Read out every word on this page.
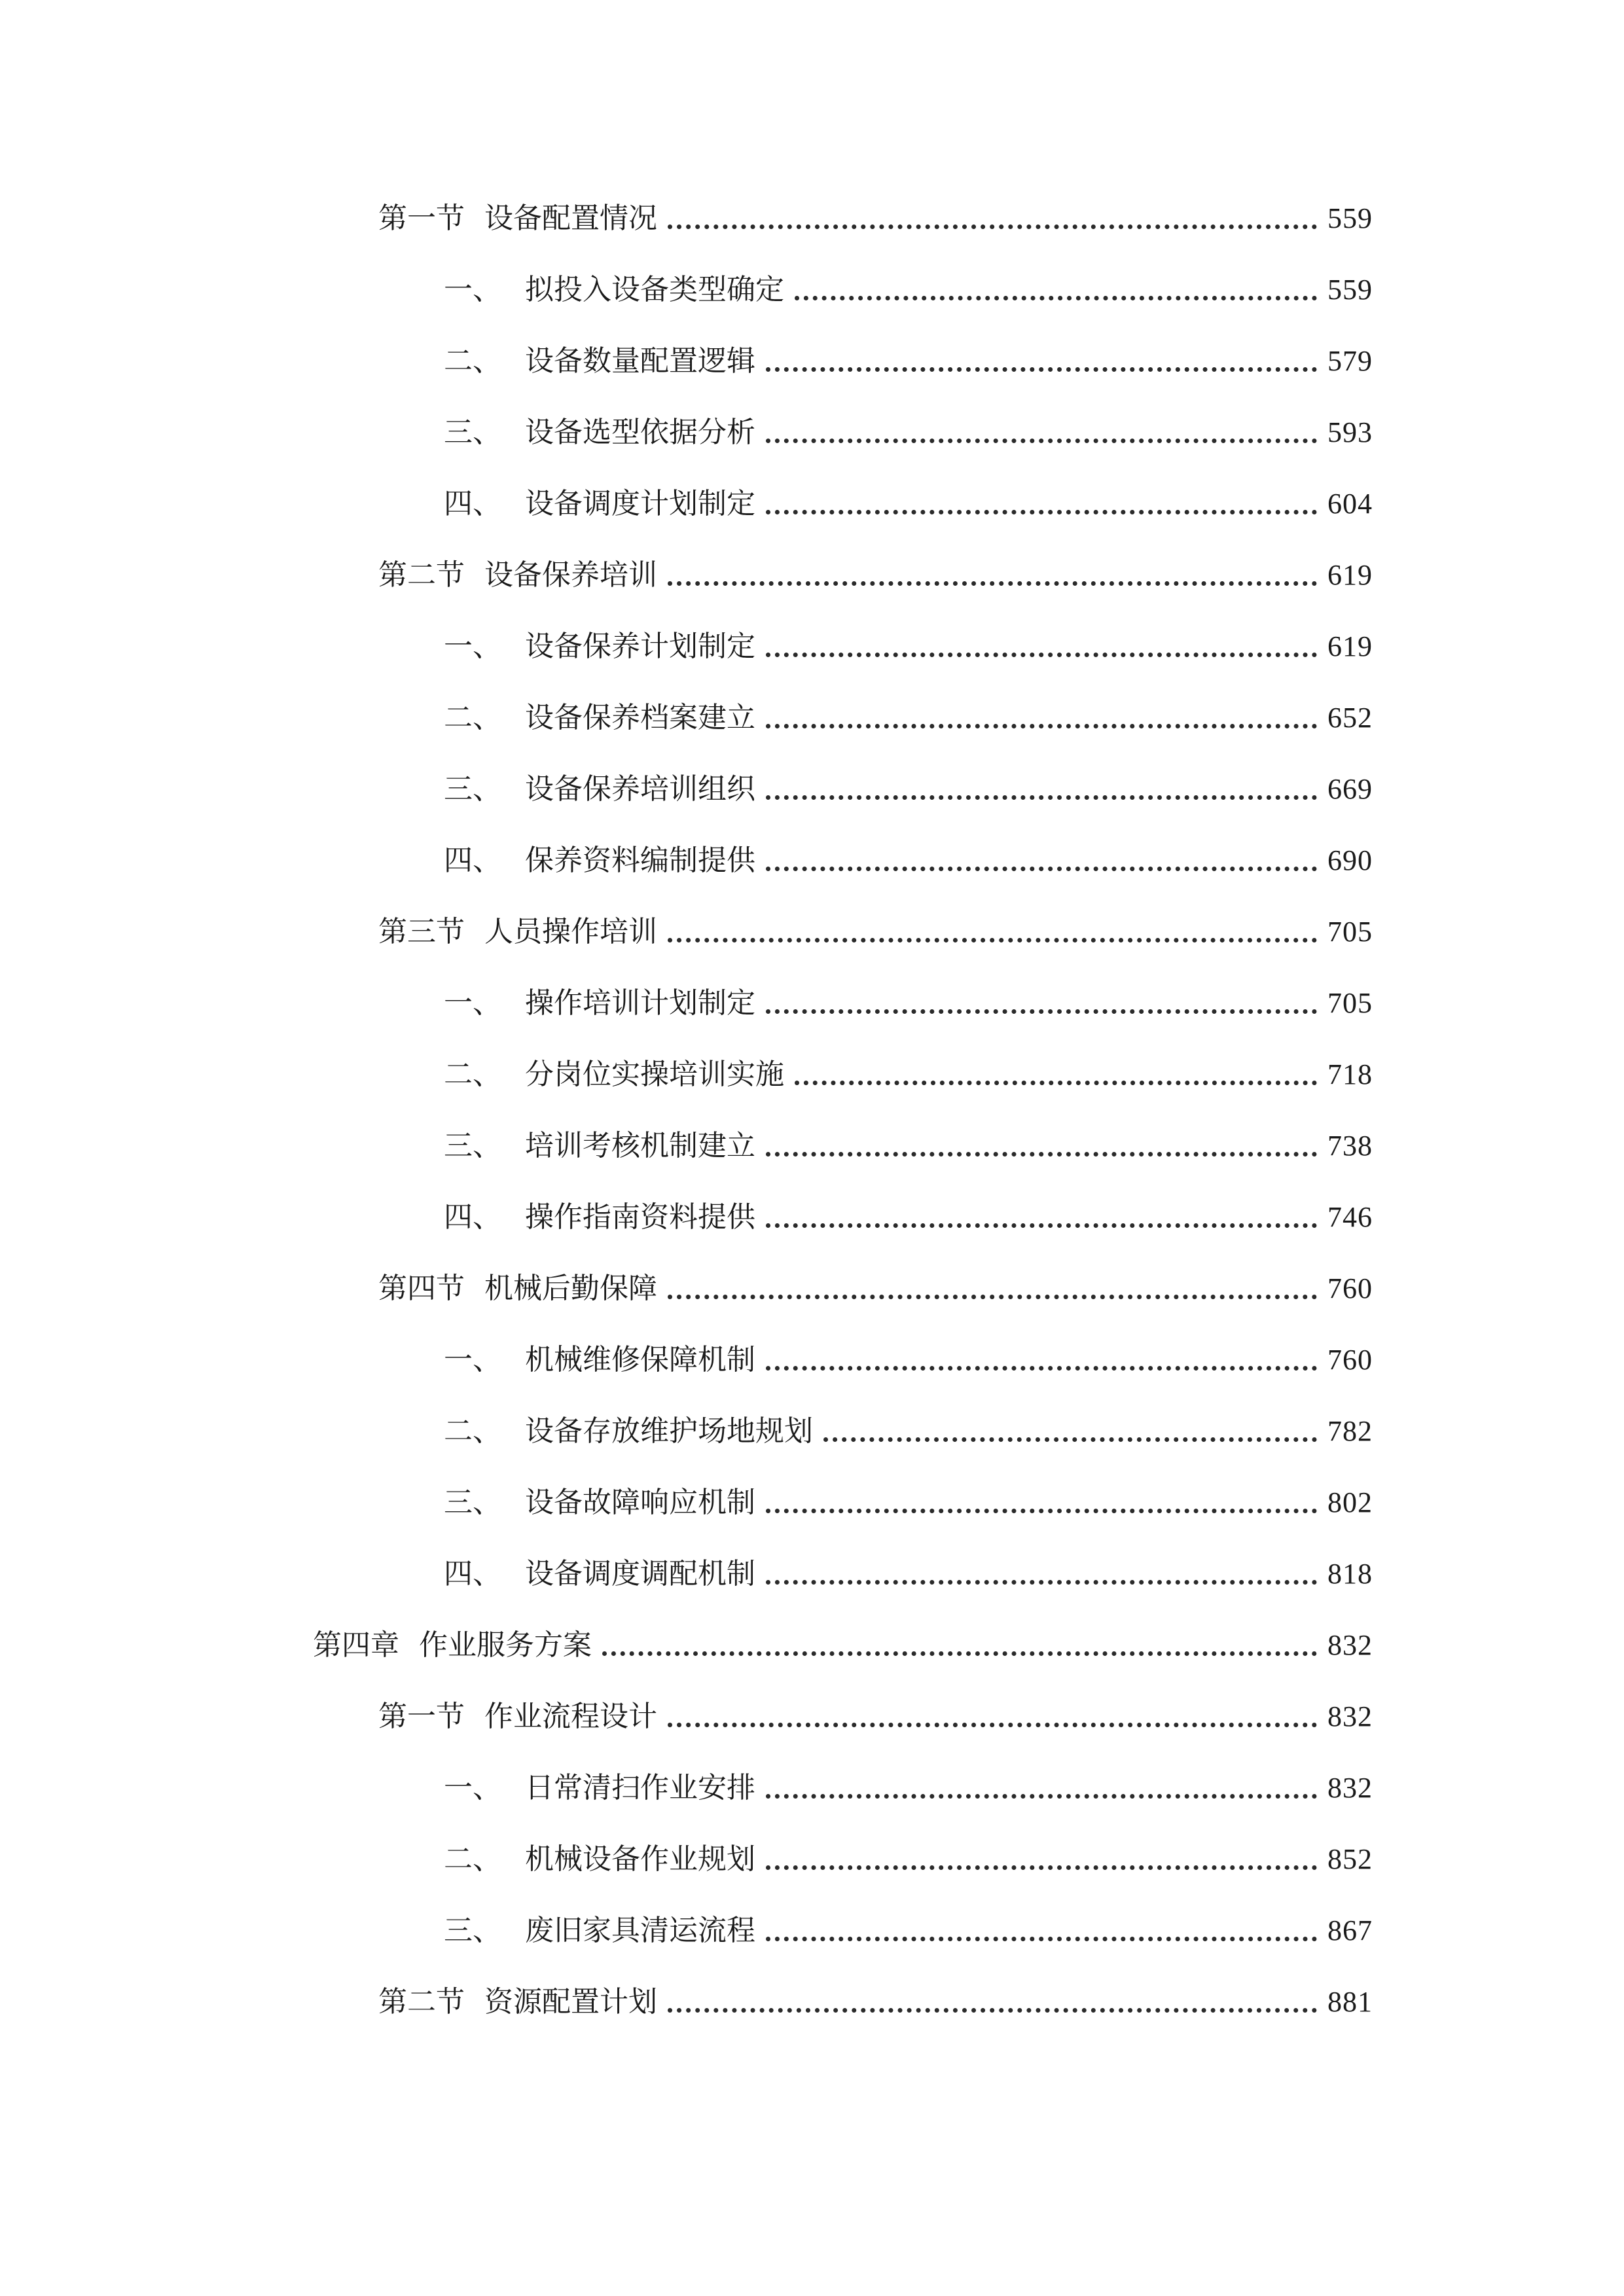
第一节 设备配置情况	559
一、 拟投入设备类型确定	559
二、 设备数量配置逻辑	579
三、 设备选型依据分析	593
四、 设备调度计划制定	604
第二节 设备保养培训	619
一、 设备保养计划制定	619
二、 设备保养档案建立	652
三、 设备保养培训组织	669
四、 保养资料编制提供	690
第三节 人员操作培训	705
一、 操作培训计划制定	705
二、 分岗位实操培训实施	718
三、 培训考核机制建立	738
四、 操作指南资料提供	746
第四节 机械后勤保障	760
一、 机械维修保障机制	760
二、 设备存放维护场地规划	782
三、 设备故障响应机制	802
四、 设备调度调配机制	818
第四章 作业服务方案	832
第一节 作业流程设计	832
一、 日常清扫作业安排	832
二、 机械设备作业规划	852
三、 废旧家具清运流程	867
第二节 资源配置计划	881
